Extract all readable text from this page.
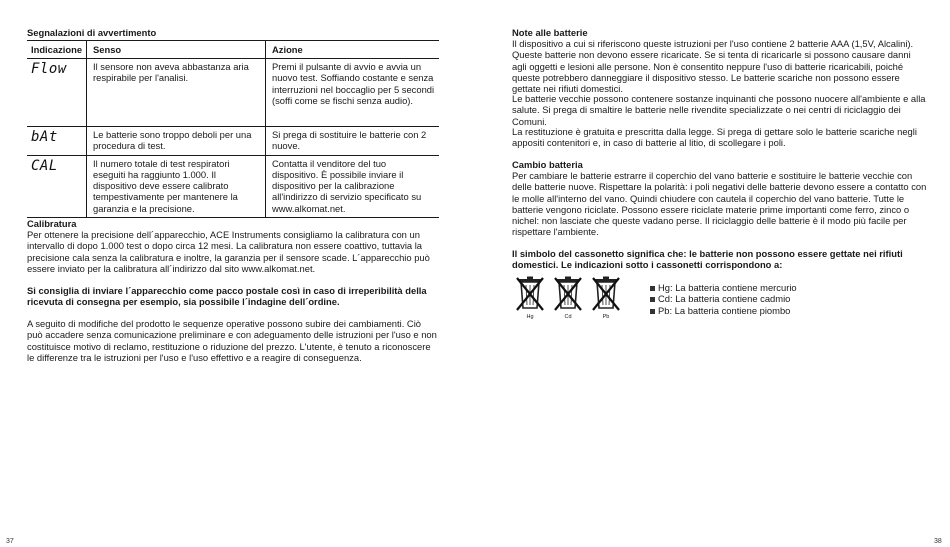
Segnalazioni di avvertimento
Indicazione	Senso	Azione
Flow	Il sensore non aveva abbastanza aria respirabile per l'analisi.	Premi il pulsante di avvio e avvia un nuovo test. Soffiando costante e senza interruzioni nel boccaglio per 5 secondi (soffi come se fischi senza audio).
bAt	Le batterie sono troppo deboli per una procedura di test.	Si prega di sostituire le batterie con 2 nuove.
CAL	Il numero totale di test respiratori eseguiti ha raggiunto 1.000. Il dispositivo deve essere calibrato tempestivamente per mantenere la garanzia e la precisione.	Contatta il venditore del tuo dispositivo. È possibile inviare il dispositivo per la calibrazione all'indirizzo di servizio specificato su www.alkomat.net.
Calibratura
Per ottenere la precisione dell´apparecchio, ACE Instruments consigliamo la calibratura con un intervallo di dopo 1.000 test o dopo circa 12 mesi. La calibratura non essere coattivo, tuttavia la precisione cala senza la calibratura e inoltre, la garanzia per il sensore scade. L´apparecchio può essere inviato per la calibratura all´indirizzo dal sito www.alkomat.net.
Si consiglia di inviare l´apparecchio come pacco postale così in caso di irreperibilità della ricevuta di consegna per esempio, sia possibile l´indagine dell´ordine.
A seguito di modifiche del prodotto le sequenze operative possono subire dei cambiamenti. Ciò può accadere senza comunicazione preliminare e con adeguamento delle istruzioni per l'uso e non costituisce motivo di reclamo, restituzione o riduzione del prezzo. L'utente, è tenuto a riconoscere le differenze tra le istruzioni per l'uso e l'uso effettivo e a reagire di conseguenza.
37
Note alle batterie
Il dispositivo a cui si riferiscono queste istruzioni per l'uso contiene 2 batterie AAA (1,5V, Alcalini). Queste batterie non devono essere ricaricate. Se si tenta di ricaricarle si possono causare danni agli oggetti e lesioni alle persone. Non è consentito neppure l'uso di batterie ricaricabili, poiché queste potrebbero danneggiare il dispositivo stesso. Le batterie scariche non possono essere gettate nei rifiuti domestici.
Le batterie vecchie possono contenere sostanze inquinanti che possono nuocere all'ambiente e alla salute. Si prega di smaltire le batterie nelle rivendite specializzate o nei centri di riciclaggio dei Comuni.
La restituzione è gratuita e prescritta dalla legge. Si prega di gettare solo le batterie scariche negli appositi contenitori e, in caso di batterie al litio, di scollegare i poli.
Cambio batteria
Per cambiare le batterie estrarre il coperchio del vano batterie e sostituire le batterie vecchie con delle batterie nuove. Rispettare la polarità: i poli negativi delle batterie devono essere a contatto con le molle all'interno del vano. Quindi chiudere con cautela il coperchio del vano batterie. Tutte le batterie vengono riciclate. Possono essere riciclate materie prime importanti come ferro, zinco o nichel: non lasciate che queste vadano perse. Il riciclaggio delle batterie è il modo più facile per rispettare l'ambiente.
Il simbolo del cassonetto significa che: le batterie non possono essere gettate nei rifiuti domestici. Le indicazioni sotto i cassonetti corrispondono a:
Hg	Cd	Pb
Hg: La batteria contiene mercurio
Cd: La batteria contiene cadmio
Pb: La batteria contiene piombo
38
